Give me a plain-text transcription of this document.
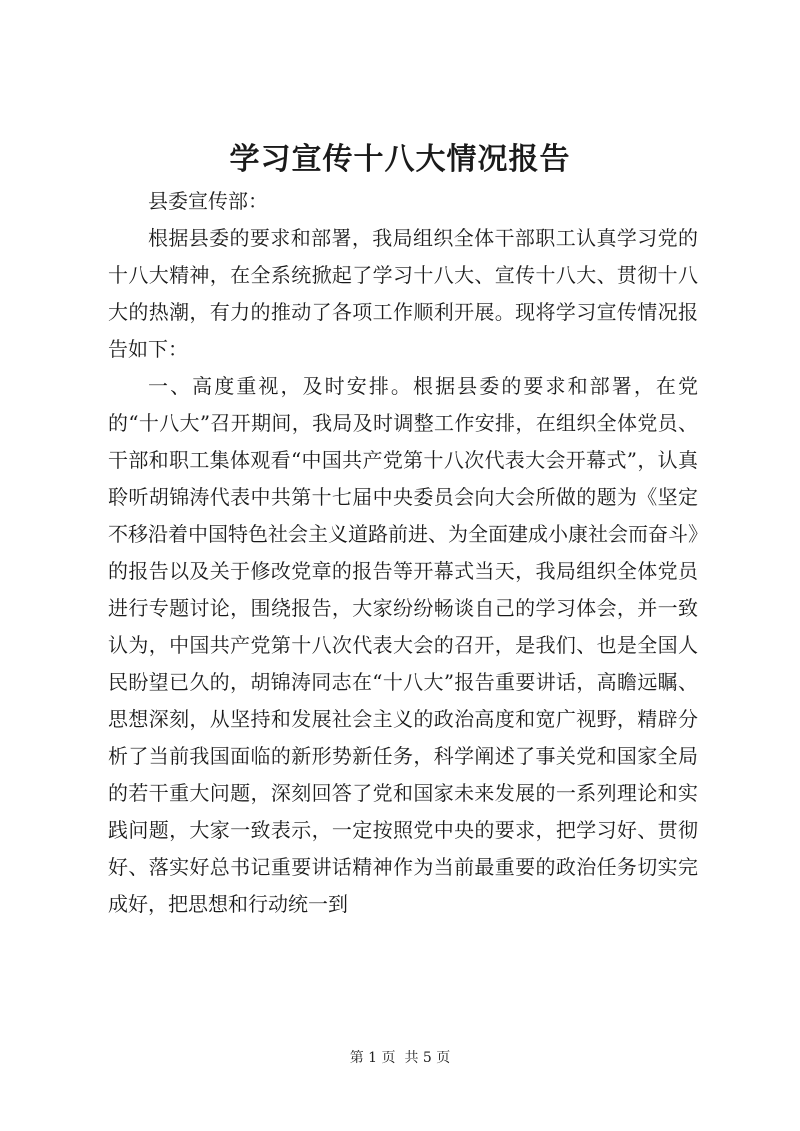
学习宣传十八大情况报告

县委宣传部：

根据县委的要求和部署，我局组织全体干部职工认真学习党的十八大精神，在全系统掀起了学习十八大、宣传十八大、贯彻十八大的热潮，有力的推动了各项工作顺利开展。现将学习宣传情况报告如下：

一、高度重视，及时安排。根据县委的要求和部署，在党的“十八大”召开期间，我局及时调整工作安排，在组织全体党员、干部和职工集体观看“中国共产党第十八次代表大会开幕式”，认真聆听胡锦涛代表中共第十七届中央委员会向大会所做的题为《坚定不移沿着中国特色社会主义道路前进、为全面建成小康社会而奋斗》的报告以及关于修改党章的报告等开幕式当天，我局组织全体党员进行专题讨论，围绕报告，大家纷纷畅谈自己的学习体会，并一致认为，中国共产党第十八次代表大会的召开，是我们、也是全国人民盼望已久的，胡锦涛同志在“十八大”报告重要讲话，高瞻远瞩、思想深刻，从坚持和发展社会主义的政治高度和宽广视野，精辟分析了当前我国面临的新形势新任务，科学阐述了事关党和国家全局的若干重大问题，深刻回答了党和国家未来发展的一系列理论和实践问题，大家一致表示，一定按照党中央的要求，把学习好、贯彻好、落实好总书记重要讲话精神作为当前最重要的政治任务切实完成好，把思想和行动统一到

第 1 页  共 5 页
